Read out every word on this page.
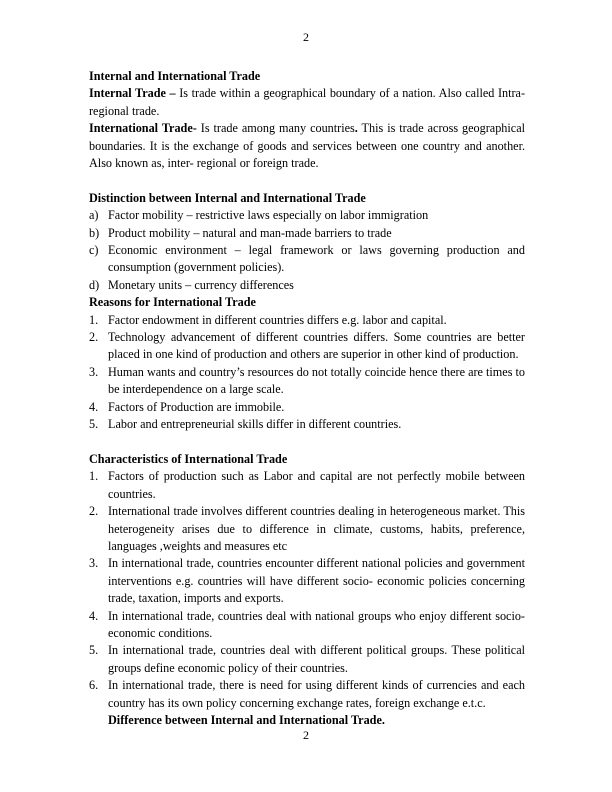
2
Internal and International Trade

Internal Trade – Is trade within a geographical boundary of a nation. Also called Intra-regional trade.

International Trade- Is trade among many countries. This is trade across geographical boundaries. It is the exchange of goods and services between one country and another. Also known as, inter- regional or foreign trade.

Distinction between Internal and International Trade
a) Factor mobility – restrictive laws especially on labor immigration
b) Product mobility – natural and man-made barriers to trade
c) Economic environment – legal framework or laws governing production and consumption (government policies).
d) Monetary units – currency differences
Reasons for International Trade
1. Factor endowment in different countries differs e.g. labor and capital.
2. Technology advancement of different countries differs. Some countries are better placed in one kind of production and others are superior in other kind of production.
3. Human wants and country’s resources do not totally coincide hence there are times to be interdependence on a large scale.
4. Factors of Production are immobile.
5. Labor and entrepreneurial skills differ in different countries.
Characteristics of International Trade
1. Factors of production such as Labor and capital are not perfectly mobile between countries.
2. International trade involves different countries dealing in heterogeneous market. This heterogeneity arises due to difference in climate, customs, habits, preference, languages ,weights and measures etc
3. In international trade, countries encounter different national policies and government interventions e.g. countries will have different socio- economic policies concerning trade, taxation, imports and exports.
4. In international trade, countries deal with national groups who enjoy different socio-economic conditions.
5. In international trade, countries deal with different political groups. These political groups define economic policy of their countries.
6. In international trade, there is need for using different kinds of currencies and each country has its own policy concerning exchange rates, foreign exchange e.t.c.
Difference between Internal and International Trade.
2
